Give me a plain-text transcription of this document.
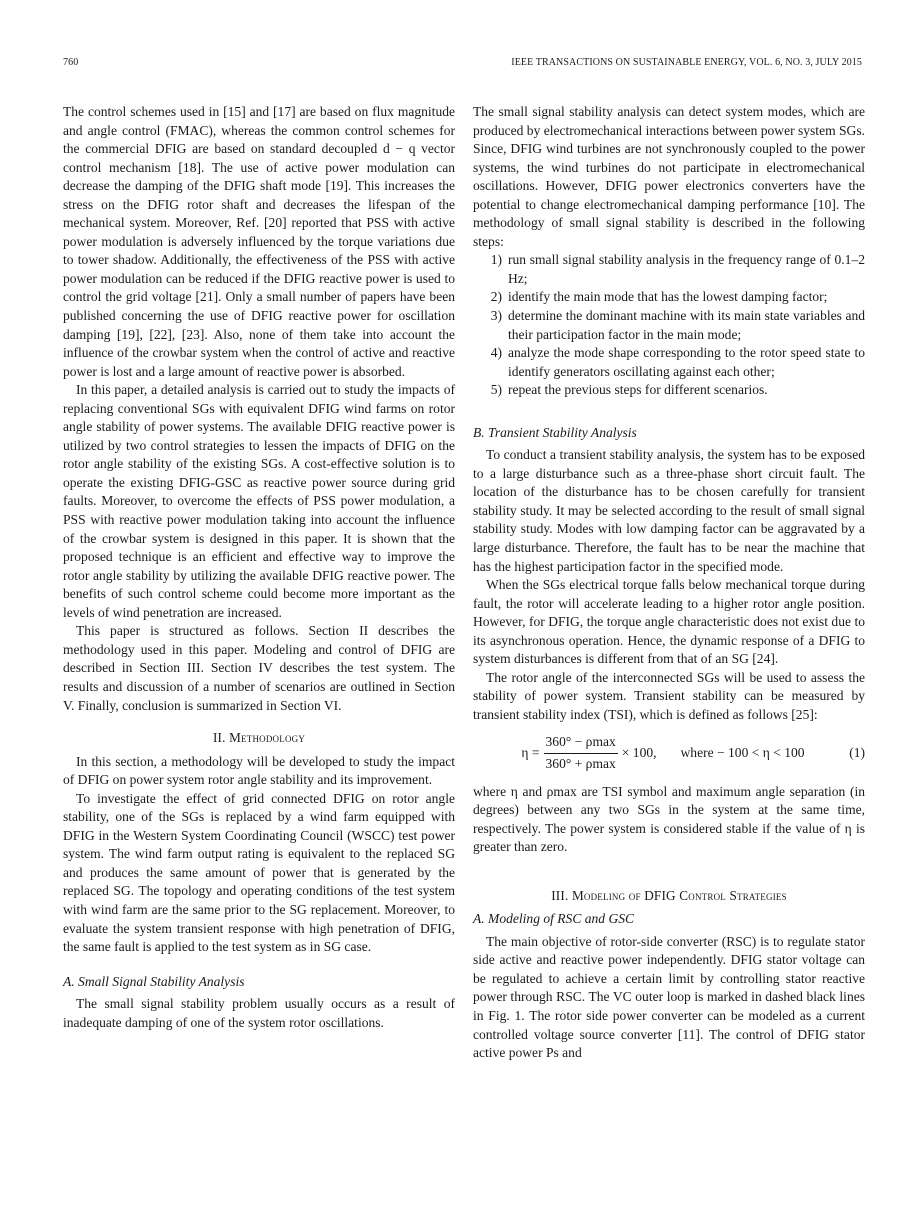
760	IEEE TRANSACTIONS ON SUSTAINABLE ENERGY, VOL. 6, NO. 3, JULY 2015

The control schemes used in [15] and [17] are based on flux magnitude and angle control (FMAC), whereas the common control schemes for the commercial DFIG are based on standard decoupled d − q vector control mechanism [18]. The use of active power modulation can decrease the damping of the DFIG shaft mode [19]. This increases the stress on the DFIG rotor shaft and decreases the lifespan of the mechanical system. Moreover, Ref. [20] reported that PSS with active power modulation is adversely influenced by the torque variations due to tower shadow. Additionally, the effectiveness of the PSS with active power modulation can be reduced if the DFIG reactive power is used to control the grid voltage [21]. Only a small number of papers have been published concerning the use of DFIG reactive power for oscillation damping [19], [22], [23]. Also, none of them take into account the influence of the crowbar system when the control of active and reactive power is lost and a large amount of reactive power is absorbed.

In this paper, a detailed analysis is carried out to study the impacts of replacing conventional SGs with equivalent DFIG wind farms on rotor angle stability of power systems. The available DFIG reactive power is utilized by two control strategies to lessen the impacts of DFIG on the rotor angle stability of the existing SGs. A cost-effective solution is to operate the existing DFIG-GSC as reactive power source during grid faults. Moreover, to overcome the effects of PSS power modulation, a PSS with reactive power modulation taking into account the influence of the crowbar system is designed in this paper. It is shown that the proposed technique is an efficient and effective way to improve the rotor angle stability by utilizing the available DFIG reactive power. The benefits of such control scheme could become more important as the levels of wind penetration are increased.

This paper is structured as follows. Section II describes the methodology used in this paper. Modeling and control of DFIG are described in Section III. Section IV describes the test system. The results and discussion of a number of scenarios are outlined in Section V. Finally, conclusion is summarized in Section VI.

II. Methodology

In this section, a methodology will be developed to study the impact of DFIG on power system rotor angle stability and its improvement.

To investigate the effect of grid connected DFIG on rotor angle stability, one of the SGs is replaced by a wind farm equipped with DFIG in the Western System Coordinating Council (WSCC) test power system. The wind farm output rating is equivalent to the replaced SG and produces the same amount of power that is generated by the replaced SG. The topology and operating conditions of the test system with wind farm are the same prior to the SG replacement. Moreover, to evaluate the system transient response with high penetration of DFIG, the same fault is applied to the test system as in SG case.

A. Small Signal Stability Analysis

The small signal stability problem usually occurs as a result of inadequate damping of one of the system rotor oscillations.

The small signal stability analysis can detect system modes, which are produced by electromechanical interactions between power system SGs. Since, DFIG wind turbines are not synchronously coupled to the power systems, the wind turbines do not participate in electromechanical oscillations. However, DFIG power electronics converters have the potential to change electromechanical damping performance [10]. The methodology of small signal stability is described in the following steps:

1) run small signal stability analysis in the frequency range of 0.1–2 Hz;
2) identify the main mode that has the lowest damping factor;
3) determine the dominant machine with its main state variables and their participation factor in the main mode;
4) analyze the mode shape corresponding to the rotor speed state to identify generators oscillating against each other;
5) repeat the previous steps for different scenarios.
B. Transient Stability Analysis

To conduct a transient stability analysis, the system has to be exposed to a large disturbance such as a three-phase short circuit fault. The location of the disturbance has to be chosen carefully for transient stability study. It may be selected according to the result of small signal stability study. Modes with low damping factor can be aggravated by a large disturbance. Therefore, the fault has to be near the machine that has the highest participation factor in the specified mode.

When the SGs electrical torque falls below mechanical torque during fault, the rotor will accelerate leading to a higher rotor angle position. However, for DFIG, the torque angle characteristic does not exist due to its asynchronous operation. Hence, the dynamic response of a DFIG to system disturbances is different from that of an SG [24].

The rotor angle of the interconnected SGs will be used to assess the stability of power system. Transient stability can be measured by transient stability index (TSI), which is defined as follows [25]:

$\eta = \frac{360^\circ - \rho\max}{360^\circ + \rho\max} \times 100$, where − 100 < η < 100	(1)

where η and ρmax are TSI symbol and maximum angle separation (in degrees) between any two SGs in the system at the same time, respectively. The power system is considered stable if the value of η is greater than zero.

III. Modeling of DFIG Control Strategies
A. Modeling of RSC and GSC

The main objective of rotor-side converter (RSC) is to regulate stator side active and reactive power independently. DFIG stator voltage can be regulated to achieve a certain limit by controlling stator reactive power through RSC. The VC outer loop is marked in dashed black lines in Fig. 1. The rotor side power converter can be modeled as a current controlled voltage source converter [11]. The control of DFIG stator active power Ps and
